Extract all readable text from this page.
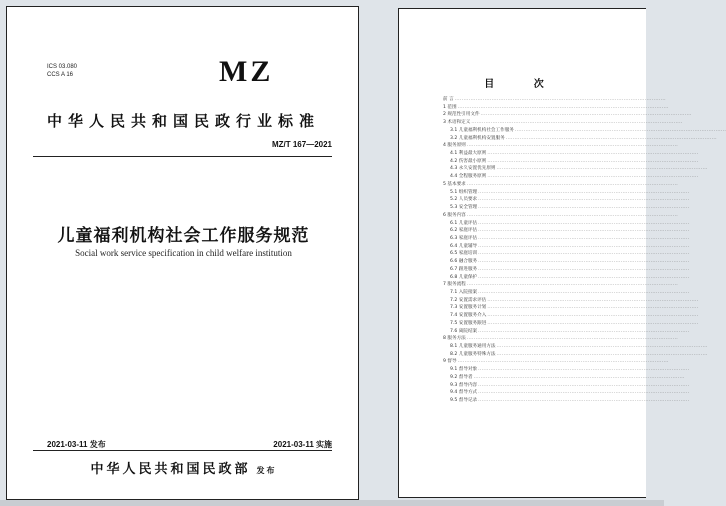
ICS 03.080
CCS A 16	MZ
中华人民共和国民政行业标准
MZ/T 167—2021
儿童福利机构社会工作服务规范
Social work service specification in child welfare institution
2021-03-11 发布	2021-03-11 实施
中华人民共和国民政部 发布
目 次
前 言 ........................................................................................................................
1 范围 ........................................................................................................................
2 规范性引用文件 ........................................................................................................................
3 术语和定义 ........................................................................................................................
3.1 儿童福利机构社会工作服务 ........................................................................................................................
3.2 儿童福利机构安置服务 ........................................................................................................................
4 服务原则 ........................................................................................................................
4.1 利益最大原则 ........................................................................................................................
4.2 伤害最小原则 ........................................................................................................................
4.3 永久安置优先原则 ........................................................................................................................
4.4 全程服务原则 ........................................................................................................................
5 基本要求 ........................................................................................................................
5.1 组织管理 ........................................................................................................................
5.2 人员要求 ........................................................................................................................
5.3 安全管理 ........................................................................................................................
6 服务内容 ........................................................................................................................
6.1 儿童评估 ........................................................................................................................
6.2 家庭评估 ........................................................................................................................
6.3 家庭评估 ........................................................................................................................
6.4 儿童辅导 ........................................................................................................................
6.5 家庭培训 ........................................................................................................................
6.6 融合服务 ........................................................................................................................
6.7 跟进服务 ........................................................................................................................
6.8 儿童保护 ........................................................................................................................
7 服务流程 ........................................................................................................................
7.1 入院接案 ........................................................................................................................
7.2 安置需求评估 ........................................................................................................................
7.3 安置服务计划 ........................................................................................................................
7.4 安置服务介入 ........................................................................................................................
7.5 安置服务跟进 ........................................................................................................................
7.6 离院结案 ........................................................................................................................
8 服务方法 ........................................................................................................................
8.1 儿童服务通用方法 ........................................................................................................................
8.2 儿童服务特殊方法 ........................................................................................................................
9 督导 ........................................................................................................................
9.1 督导对象 ........................................................................................................................
9.2 督导者 ........................................................................................................................
9.3 督导内容 ........................................................................................................................
9.4 督导方式 ........................................................................................................................
9.5 督导记录 ........................................................................................................................
